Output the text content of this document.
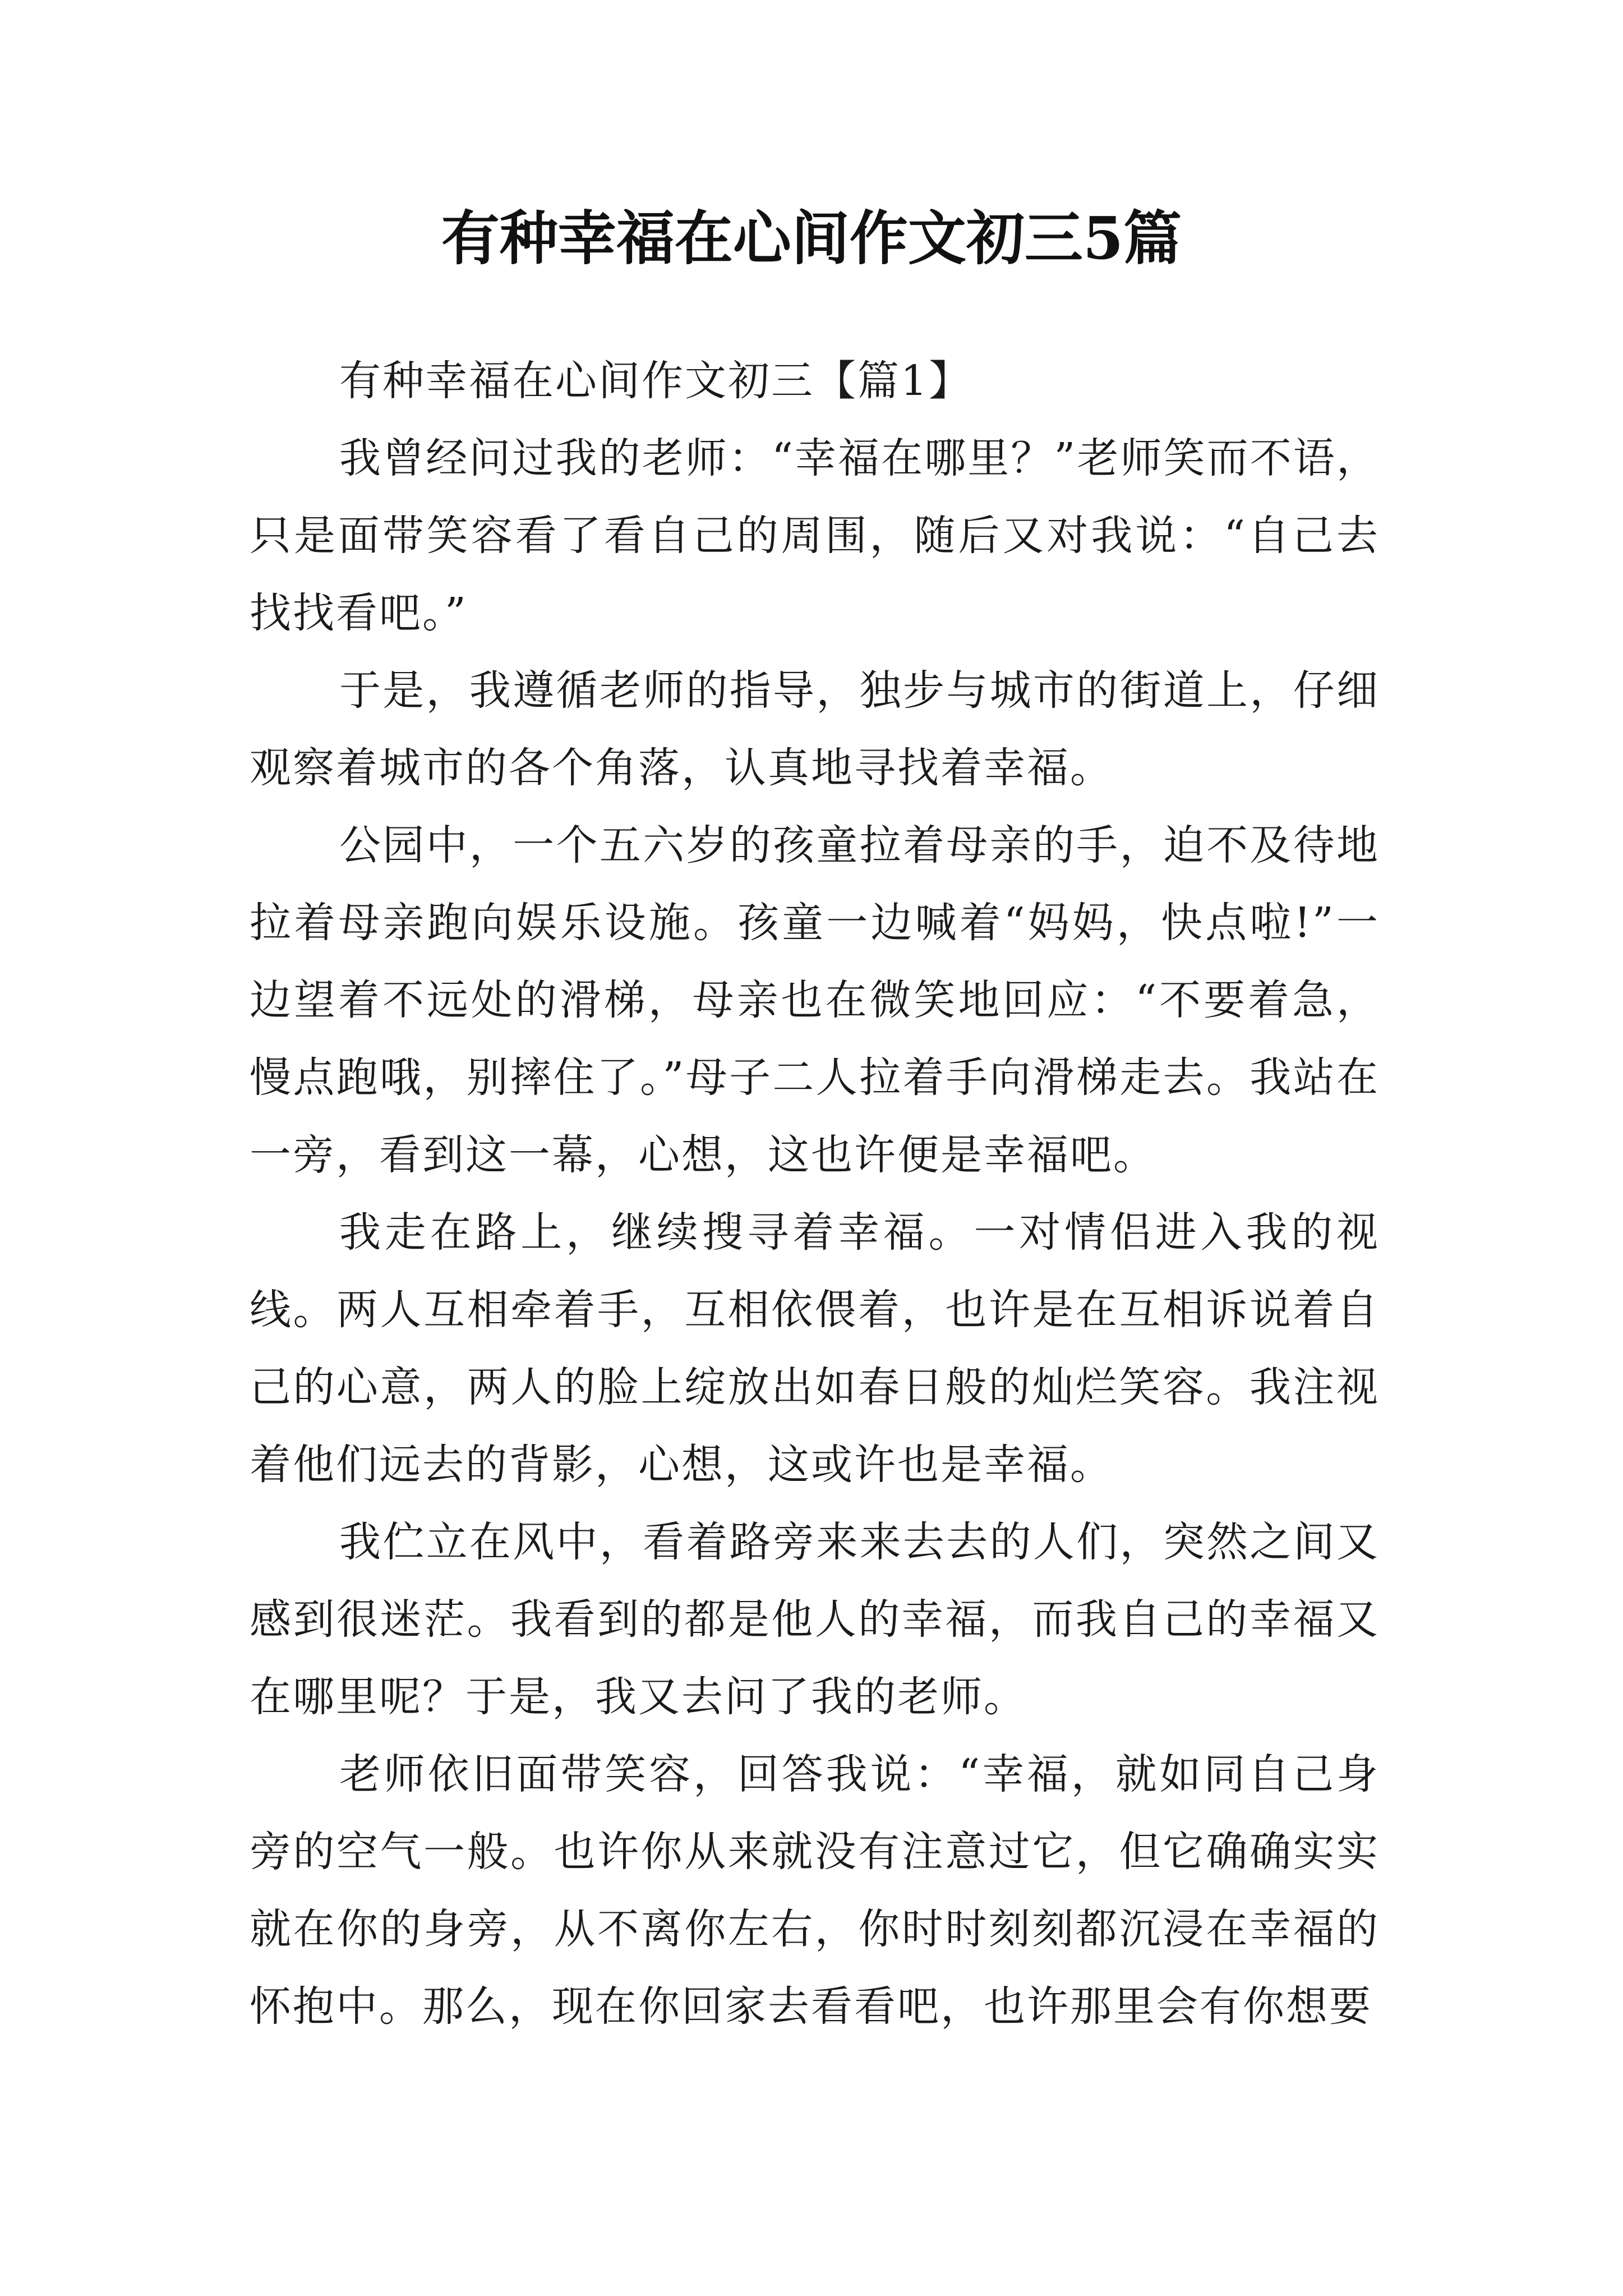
有种幸福在心间作文初三5篇

有种幸福在心间作文初三【篇1】

我曾经问过我的老师：“幸福在哪里？”老师笑而不语，只是面带笑容看了看自己的周围，随后又对我说：“自己去找找看吧。”

于是，我遵循老师的指导，独步与城市的街道上，仔细观察着城市的各个角落，认真地寻找着幸福。

公园中，一个五六岁的孩童拉着母亲的手，迫不及待地拉着母亲跑向娱乐设施。孩童一边喊着“妈妈，快点啦!”一边望着不远处的滑梯，母亲也在微笑地回应：“不要着急，慢点跑哦，别摔住了。”母子二人拉着手向滑梯走去。我站在一旁，看到这一幕，心想，这也许便是幸福吧。

我走在路上，继续搜寻着幸福。一对情侣进入我的视线。两人互相牵着手，互相依偎着，也许是在互相诉说着自己的心意，两人的脸上绽放出如春日般的灿烂笑容。我注视着他们远去的背影，心想，这或许也是幸福。

我伫立在风中，看着路旁来来去去的人们，突然之间又感到很迷茫。我看到的都是他人的幸福，而我自己的幸福又在哪里呢？于是，我又去问了我的老师。

老师依旧面带笑容，回答我说：“幸福，就如同自己身旁的空气一般。也许你从来就没有注意过它，但它确确实实就在你的身旁，从不离你左右，你时时刻刻都沉浸在幸福的怀抱中。那么，现在你回家去看看吧，也许那里会有你想要
